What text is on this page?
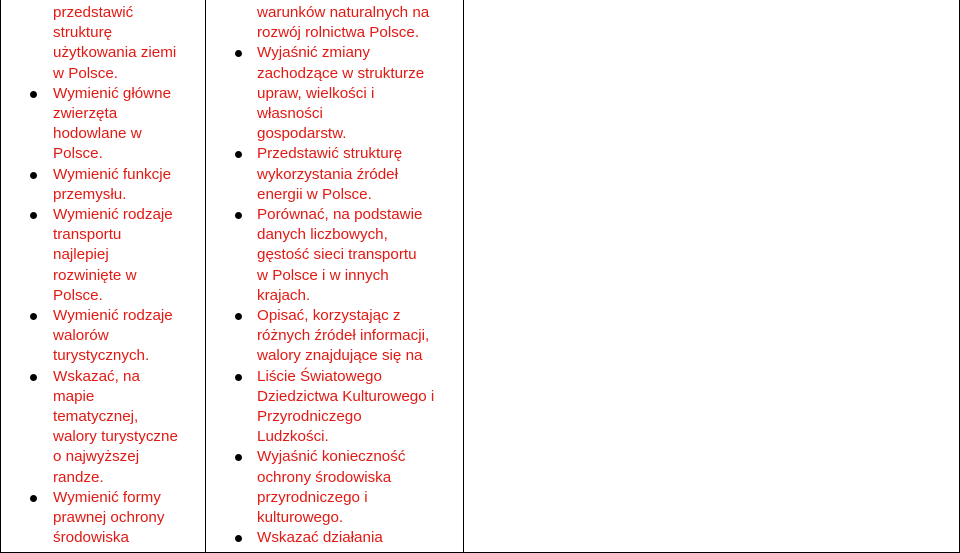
przedstawić
strukturę
użytkowania ziemi
w Polsce.
Wymienić główne
zwierzęta
hodowlane w
Polsce.
Wymienić funkcje
przemysłu.
Wymienić rodzaje
transportu
najlepiej
rozwinięte w
Polsce.
Wymienić rodzaje
walorów
turystycznych.
Wskazać, na
mapie
tematycznej,
walory turystyczne
o najwyższej
randze.
Wymienić formy
prawnej ochrony
środowiska
warunków naturalnych na
rozwój rolnictwa Polsce.
Wyjaśnić zmiany
zachodzące w strukturze
upraw, wielkości i
własności
gospodarstw.
Przedstawić strukturę
wykorzystania źródeł
energii w Polsce.
Porównać, na podstawie
danych liczbowych,
gęstość sieci transportu
w Polsce i w innych
krajach.
Opisać, korzystając z
różnych źródeł informacji,
walory znajdujące się na
Liście Światowego
Dziedzictwa Kulturowego i
Przyrodniczego
Ludzkości.
Wyjaśnić konieczność
ochrony środowiska
przyrodniczego i
kulturowego.
Wskazać działania
